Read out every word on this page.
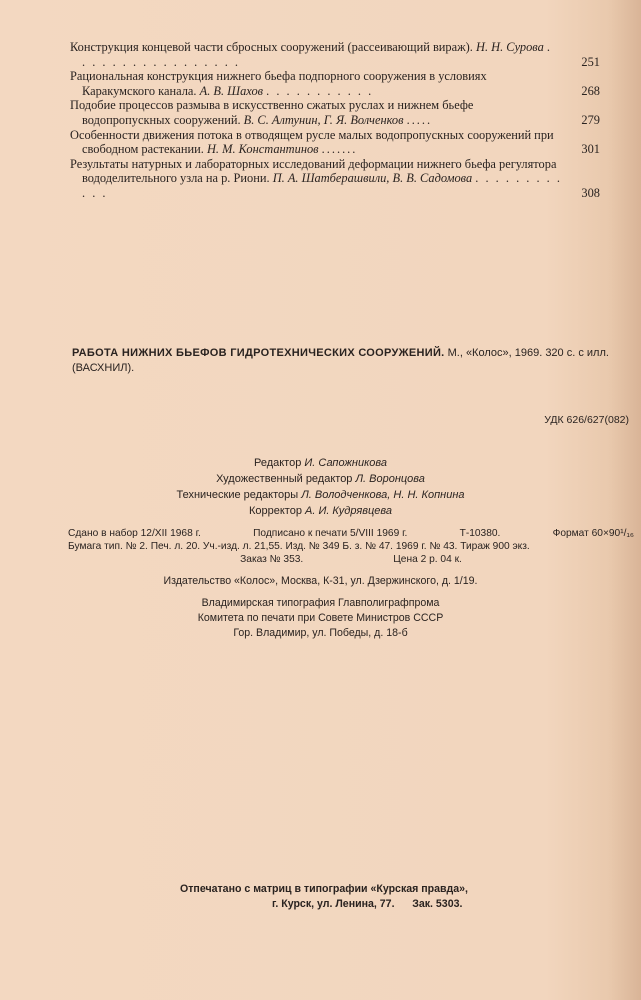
Конструкция концевой части сбросных сооружений (рассеивающий вираж). Н. Н. Сурова . . . . . . . . . . . . . . . . .	251
Рациональная конструкция нижнего бьефа подпорного сооружения в условиях Каракумского канала. А. В. Шахов . . . . . . . . . . .	268
Подобие процессов размыва в искусственно сжатых руслах и нижнем бьефе водопропускных сооружений. В. С. Алтунин, Г. Я. Волченков .....	279
Особенности движения потока в отводящем русле малых водопропускных сооружений при свободном растекании. Н. М. Константинов .......	301
Результаты натурных и лабораторных исследований деформации нижнего бьефа регулятора вододелительного узла на р. Риони. П. А. Шатберашвили, В. В. Садомова . . . . . . . . . . . .	308
РАБОТА НИЖНИХ БЬЕФОВ ГИДРОТЕХНИЧЕСКИХ СООРУЖЕНИЙ. М., «Колос», 1969. 320 с. с илл. (ВАСХНИЛ).
УДК 626/627(082)
Редактор И. Сапожникова
Художественный редактор Л. Воронцова
Технические редакторы Л. Володченкова, Н. Н. Копнина
Корректор А. И. Кудрявцева
Сдано в набор 12/XII 1968 г.	Подписано к печати 5/VIII 1969 г.	Т-10380.	Формат 60×90¹/₁₆
Бумага тип. № 2. Печ. л. 20. Уч.-изд. л. 21,55. Изд. № 349 Б. з. № 47. 1969 г. № 43. Тираж 900 экз.
Заказ № 353.	Цена 2 р. 04 к.
Издательство «Колос», Москва, К-31, ул. Дзержинского, д. 1/19.
Владимирская типография Главполиграфпрома
Комитета по печати при Совете Министров СССР
Гор. Владимир, ул. Победы, д. 18-б
Отпечатано с матриц в типографии «Курская правда»,
г. Курск, ул. Ленина, 77. Зак. 5303.
